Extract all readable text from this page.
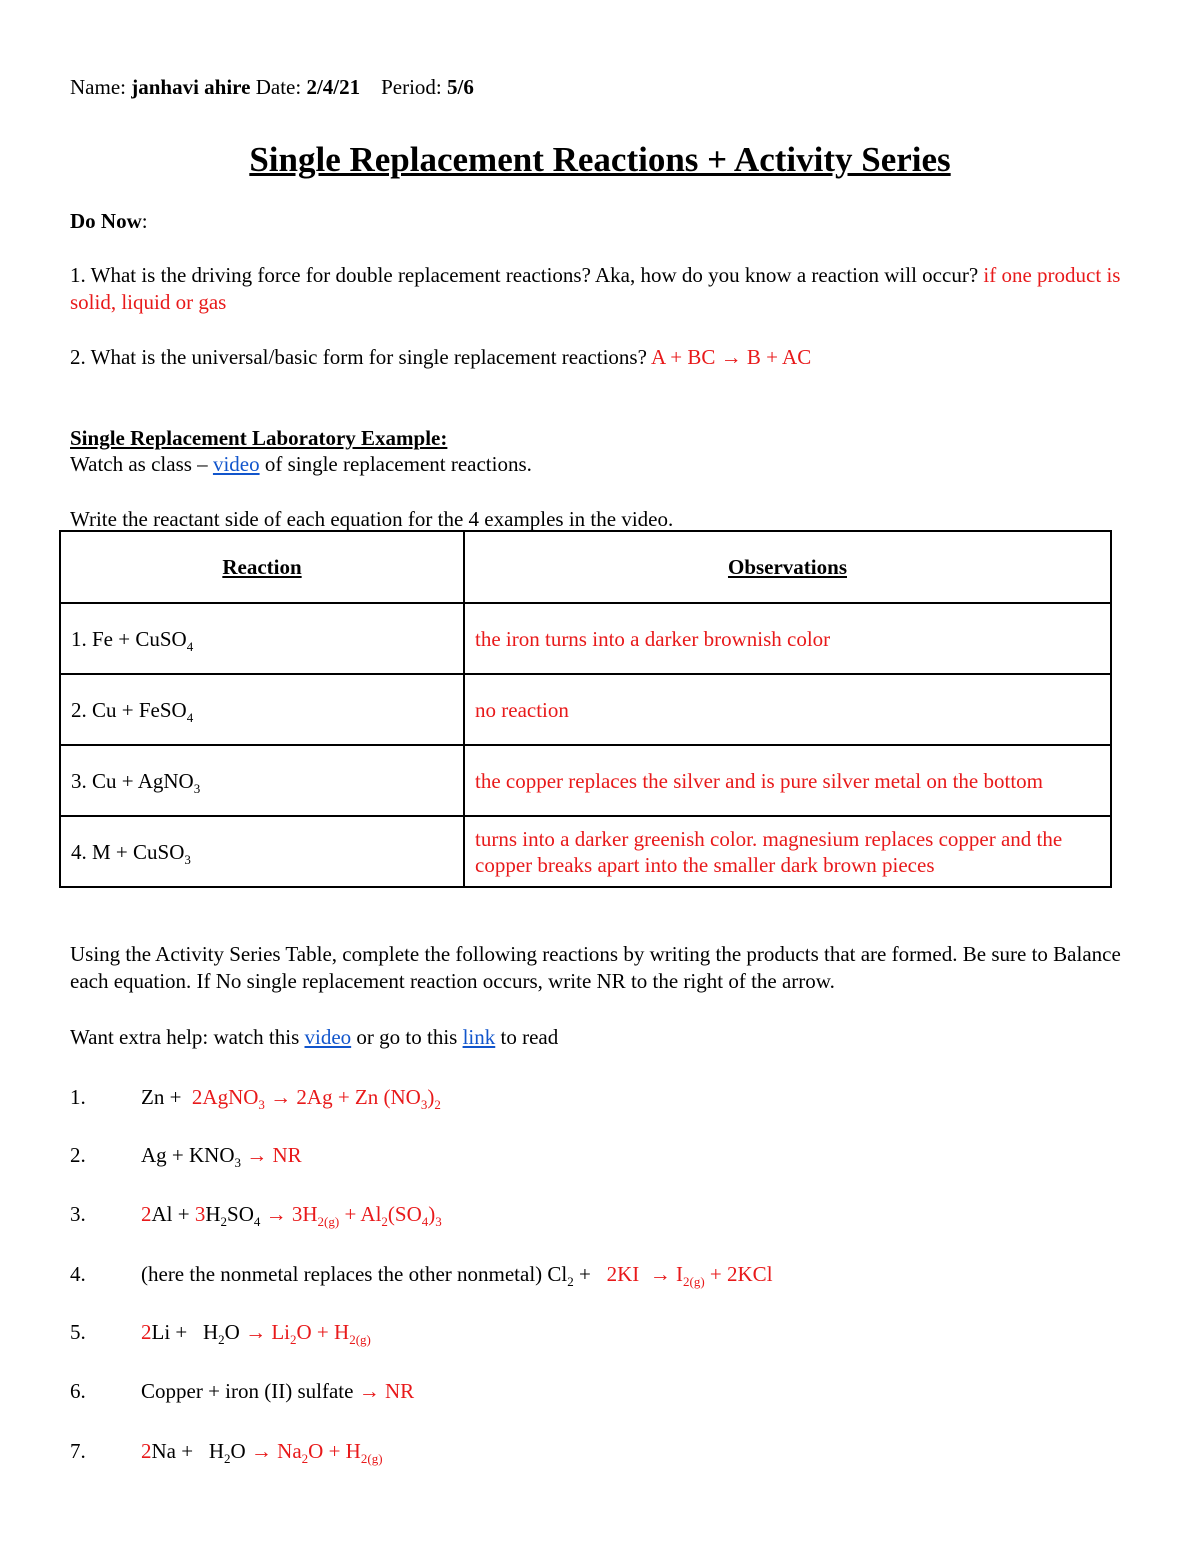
Name: janhavi ahire Date: 2/4/21 Period: 5/6
Single Replacement Reactions + Activity Series
Do Now:
1. What is the driving force for double replacement reactions? Aka, how do you know a reaction will occur? if one product is solid, liquid or gas
2. What is the universal/basic form for single replacement reactions? A + BC → B + AC
Single Replacement Laboratory Example:
Watch as class – video of single replacement reactions.
Write the reactant side of each equation for the 4 examples in the video.
Reaction	Observations
1. Fe + CuSO$_4$	the iron turns into a darker brownish color
2. Cu + FeSO$_4$	no reaction
3. Cu + AgNO$_3$	the copper replaces the silver and is pure silver metal on the bottom
4. M + CuSO$_3$	turns into a darker greenish color. magnesium replaces copper and the copper breaks apart into the smaller dark brown pieces
Using the Activity Series Table, complete the following reactions by writing the products that are formed. Be sure to Balance each equation. If No single replacement reaction occurs, write NR to the right of the arrow.
Want extra help: watch this video or go to this link to read
1.	Zn + 2AgNO$_3$ → 2Ag + Zn $(NO_3)_2$
2.	$Ag + KNO_3$ → NR
3.	$2Al + 3H_2SO_4 \to 3H_{2(g)} + Al_2(SO_4)_3$
4.	(here the nonmetal replaces the other nonmetal) $Cl_2 + 2KI \to I_{2(g)} + 2KCl$
5.	$2Li + H_2O \to Li_2O + H_{2(g)}$
6.	Copper + iron (II) sulfate → NR
7.	$2Na + H_2O \to Na_2O + H_{2(g)}$
